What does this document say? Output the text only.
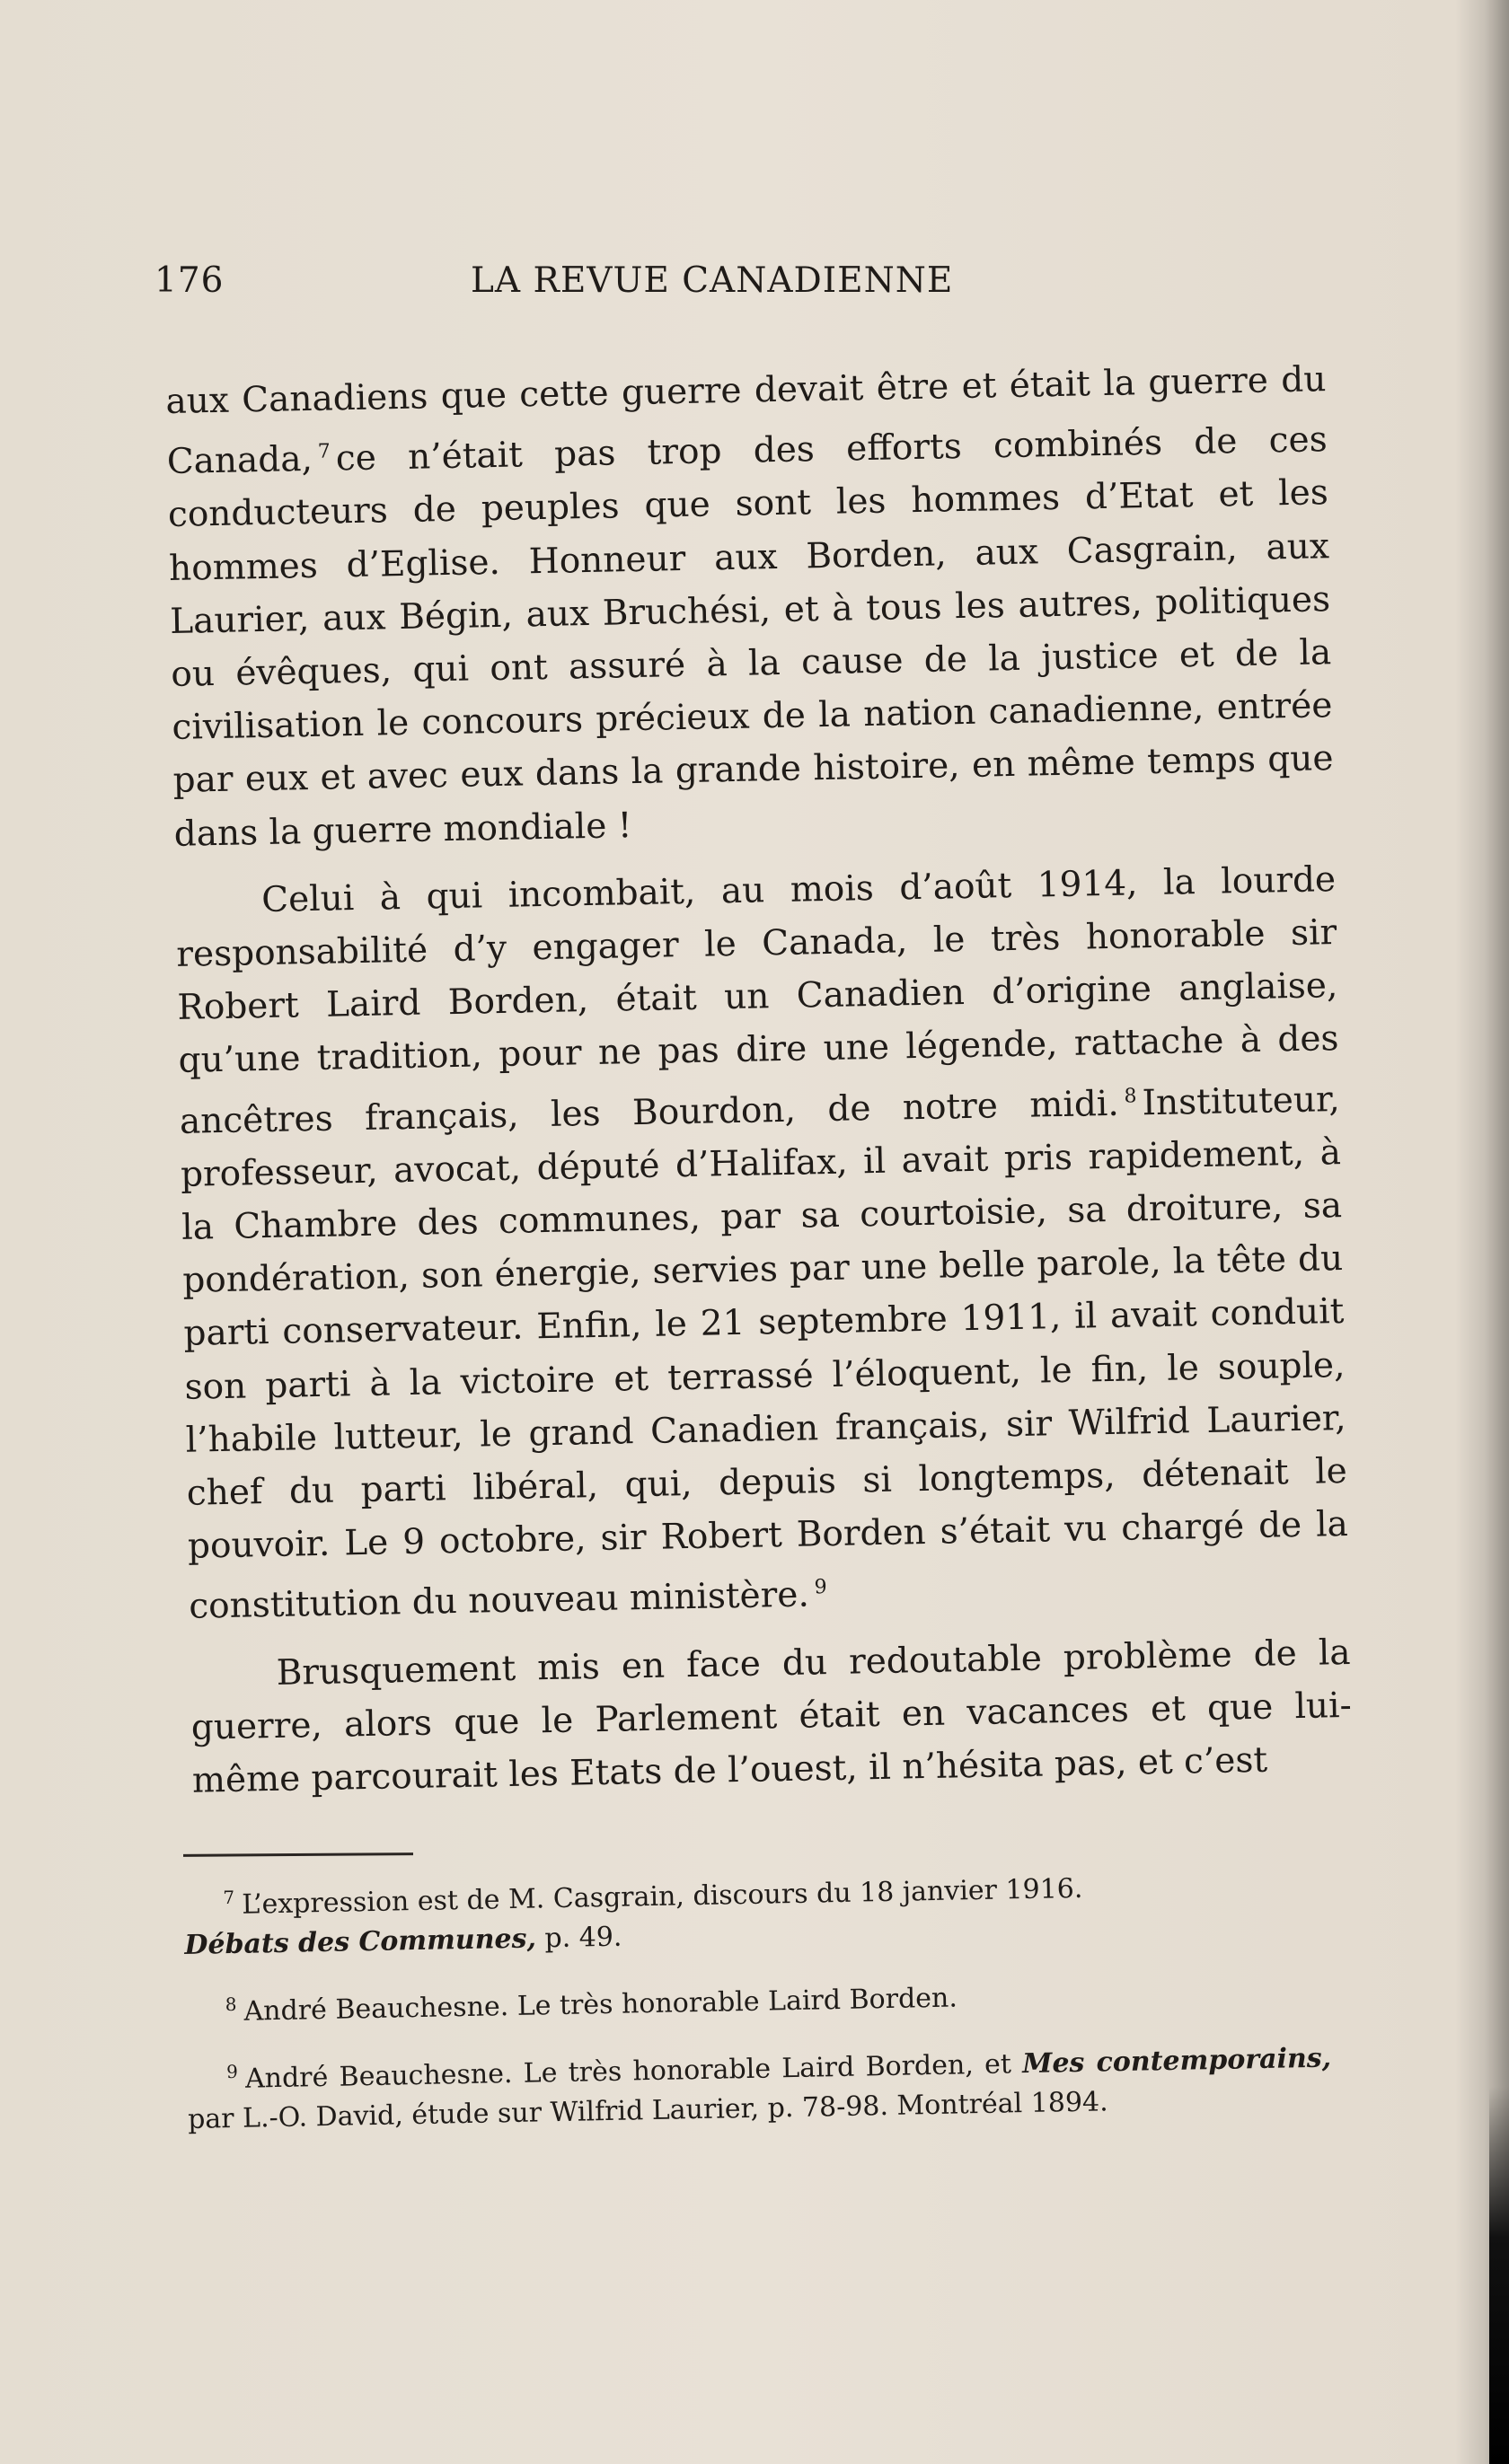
176	LA REVUE CANADIENNE

aux Canadiens que cette guerre devait être et était la guerre du Canada, $^7$ ce n’était pas trop des efforts combinés de ces conducteurs de peuples que sont les hommes d’Etat et les hommes d’Eglise. Honneur aux Borden, aux Casgrain, aux Laurier, aux Bégin, aux Bruchési, et à tous les autres, politiques ou évêques, qui ont assuré à la cause de la justice et de la civilisation le concours précieux de la nation canadienne, entrée par eux et avec eux dans la grande histoire, en même temps que dans la guerre mondiale !

Celui à qui incombait, au mois d’août 1914, la lourde responsabilité d’y engager le Canada, le très honorable sir Robert Laird Borden, était un Canadien d’origine anglaise, qu’une tradition, pour ne pas dire une légende, rattache à des ancêtres français, les Bourdon, de notre midi. $^8$ Instituteur, professeur, avocat, député d’Halifax, il avait pris rapidement, à la Chambre des communes, par sa courtoisie, sa droiture, sa pondération, son énergie, servies par une belle parole, la tête du parti conservateur. Enfin, le 21 septembre 1911, il avait conduit son parti à la victoire et terrassé l’éloquent, le fin, le souple, l’habile lutteur, le grand Canadien français, sir Wilfrid Laurier, chef du parti libéral, qui, depuis si longtemps, détenait le pouvoir. Le 9 octobre, sir Robert Borden s’était vu chargé de la constitution du nouveau ministère. $^9$

Brusquement mis en face du redoutable problème de la guerre, alors que le Parlement était en vacances et que lui-même parcourait les Etats de l’ouest, il n’hésita pas, et c’est

$^7$ L’expression est de M. Casgrain, discours du 18 janvier 1916.
Débats des Communes, p. 49.
$^8$ André Beauchesne. Le très honorable Laird Borden.
$^9$ André Beauchesne. Le très honorable Laird Borden, et Mes contemporains, par L.-O. David, étude sur Wilfrid Laurier, p. 78-98. Montréal 1894.
